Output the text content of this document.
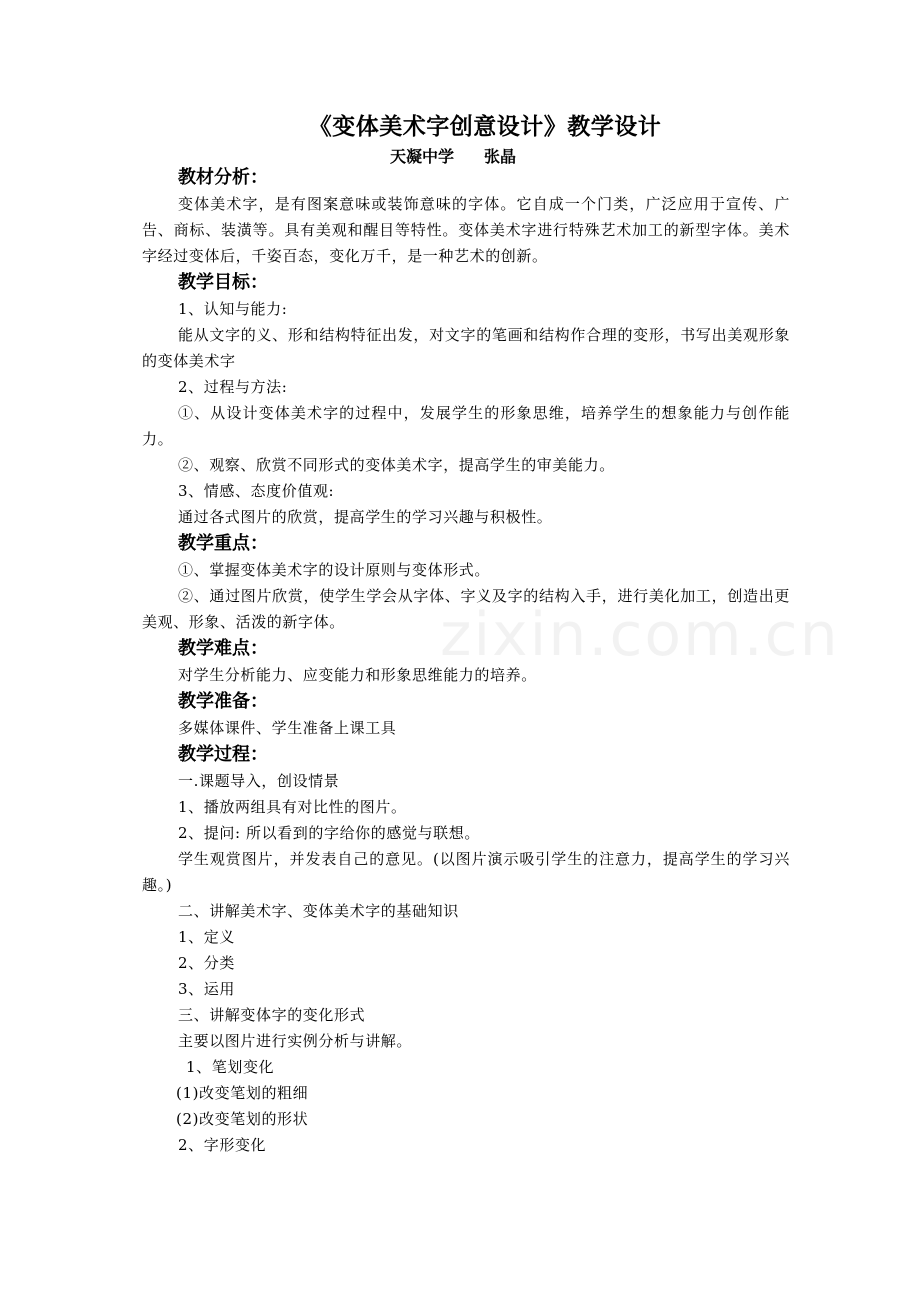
zixin.com.cn
《变体美术字创意设计》教学设计
天凝中学 张晶
教材分析：
变体美术字，是有图案意味或装饰意味的字体。它自成一个门类，广泛应用于宣传、广告、商标、装潢等。具有美观和醒目等特性。变体美术字进行特殊艺术加工的新型字体。美术字经过变体后，千姿百态，变化万千，是一种艺术的创新。
教学目标：
1、认知与能力:
能从文字的义、形和结构特征出发，对文字的笔画和结构作合理的变形，书写出美观形象的变体美术字
2、过程与方法:
①、从设计变体美术字的过程中，发展学生的形象思维，培养学生的想象能力与创作能力。
②、观察、欣赏不同形式的变体美术字，提高学生的审美能力。
3、情感、态度价值观:
通过各式图片的欣赏，提高学生的学习兴趣与积极性。
教学重点：
①、掌握变体美术字的设计原则与变体形式。
②、通过图片欣赏，使学生学会从字体、字义及字的结构入手，进行美化加工，创造出更美观、形象、活泼的新字体。
教学难点：
对学生分析能力、应变能力和形象思维能力的培养。
教学准备：
多媒体课件、学生准备上课工具
教学过程：
一.课题导入，创设情景
1、播放两组具有对比性的图片。
2、提问: 所以看到的字给你的感觉与联想。
学生观赏图片，并发表自己的意见。(以图片演示吸引学生的注意力，提高学生的学习兴趣。)
二、讲解美术字、变体美术字的基础知识
1、定义
2、分类
3、运用
三、讲解变体字的变化形式
主要以图片进行实例分析与讲解。
1、笔划变化
(1)改变笔划的粗细
(2)改变笔划的形状
2、字形变化
